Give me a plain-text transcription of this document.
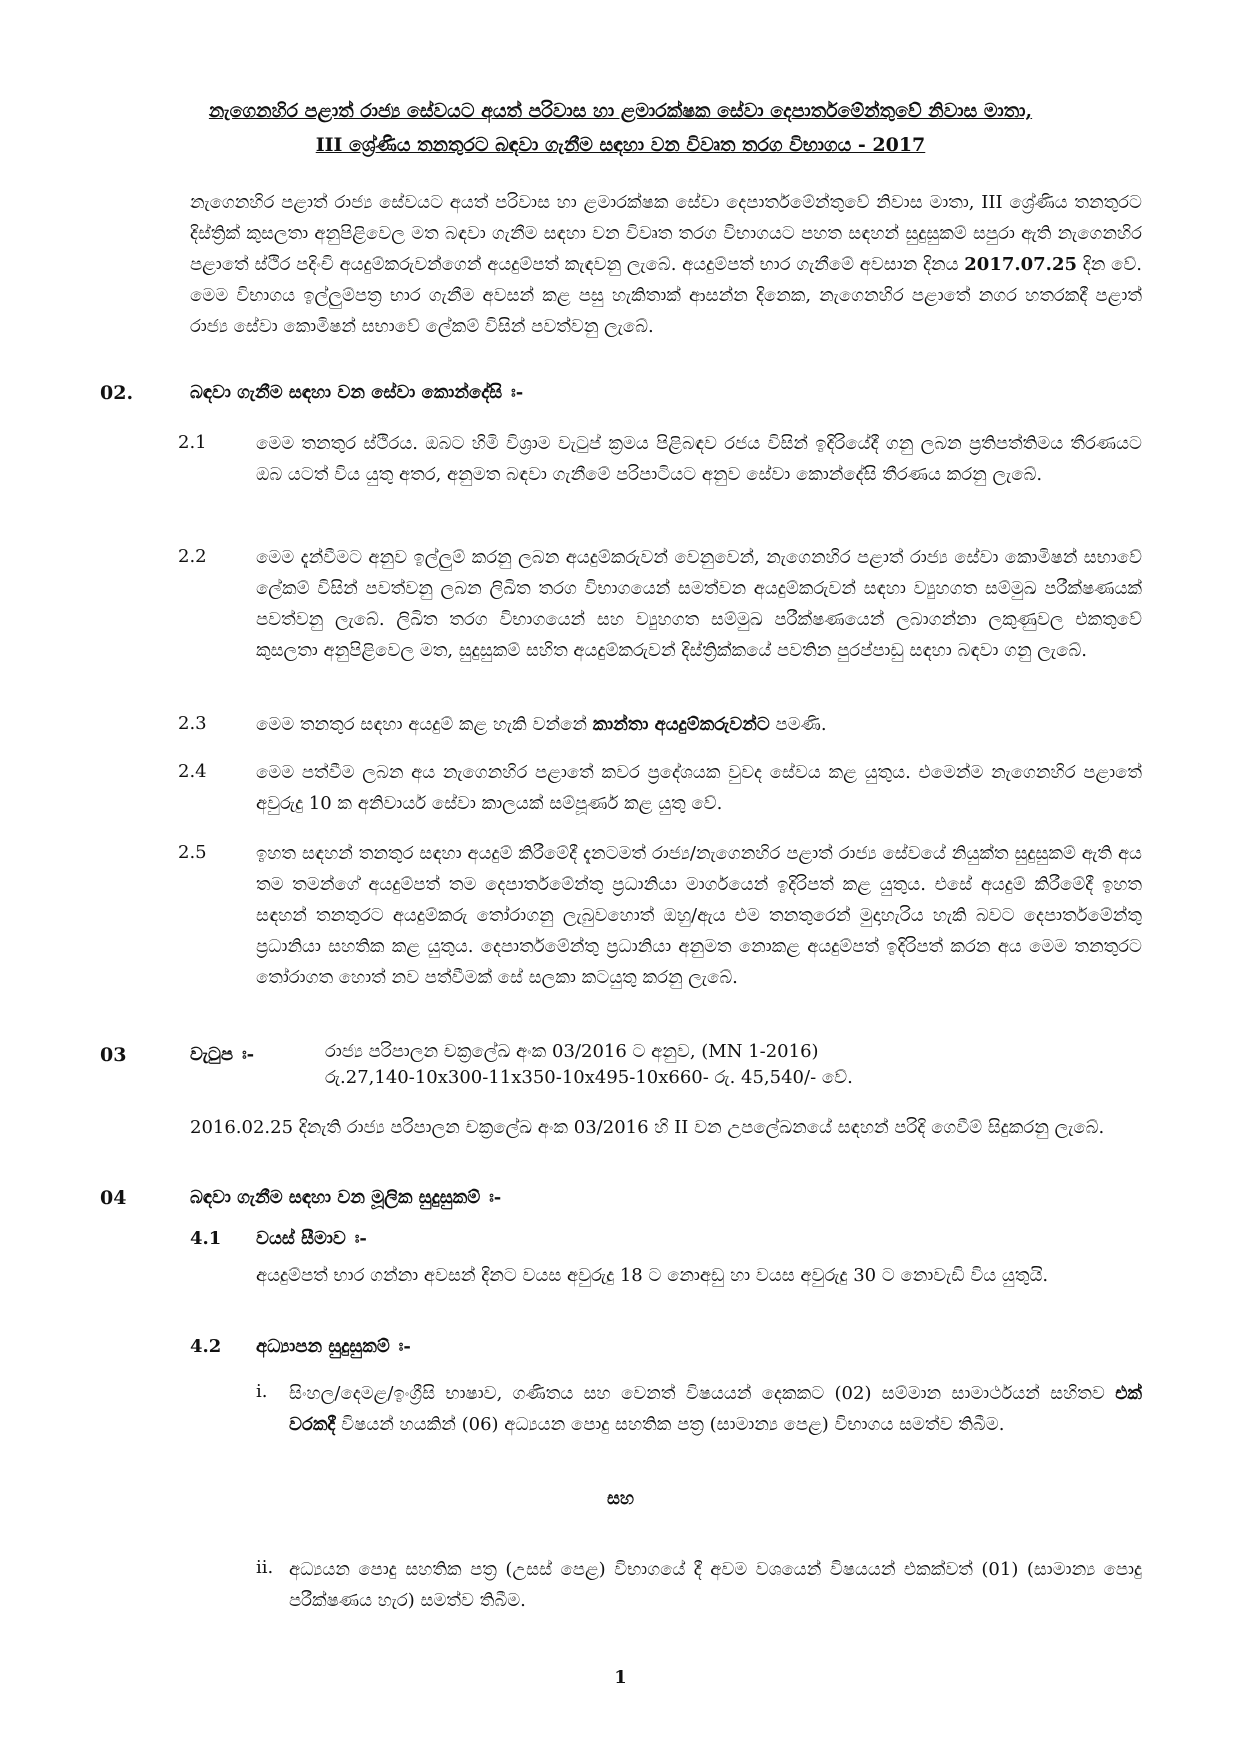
නැගෙනහිර පළාත් රාජ්‍ය සේවයට අයත් පරිවාස හා ළමාරක්ෂක සේවා දෙපාර්තමේන්තුවේ නිවාස මාතා,
III ශ්‍රේණිය තනතුරට බඳවා ගැනීම සඳහා වන විවෘත තරග විභාගය - 2017
නැගෙනහිර පළාත් රාජ්‍ය සේවයට අයත් පරිවාස හා ළමාරක්ෂක සේවා දෙපාර්තමේන්තුවේ නිවාස මාතා, III ශ්‍රේණිය තනතුරට දිස්ත්‍රික් කුසලතා අනුපිළිවෙල මත බඳවා ගැනීම සඳහා වන විවෘත තරග විභාගයට පහත සඳහන් සුදුසුකම් සපුරා ඇති නැගෙනහිර පළාතේ ස්ථිර පදිංචි අයදුම්කරුවන්ගෙන් අයදුම්පත් කැඳවනු ලැබේ. අයදුම්පත් භාර ගැනීමේ අවසාන දිනය 2017.07.25 දින වේ. මෙම විභාගය ඉල්ලුම්පත්‍ර භාර ගැනීම අවසන් කළ පසු හැකිතාක් ආසන්න දිනෙක, නැගෙනහිර පළාතේ නගර හතරකදී පළාත් රාජ්‍ය සේවා කොමිෂන් සභාවේ ලේකම් විසින් පවත්වනු ලැබේ.
02.	බඳවා ගැනීම සඳහා වන සේවා කොන්දේසි ඃ-
2.1	මෙම තනතුර ස්ථිරය. ඔබට හිමි විශ්‍රාම වැටුප් ක්‍රමය පිළිබඳව රජය විසින් ඉදිරියේදී ගනු ලබන ප්‍රතිපත්තිමය තීරණයට ඔබ යටත් විය යුතු අතර, අනුමත බඳවා ගැනීමේ පරිපාටියට අනුව සේවා කොන්දේසි තීරණය කරනු ලැබේ.
2.2	මෙම දැන්වීමට අනුව ඉල්ලුම් කරනු ලබන අයදුම්කරුවන් වෙනුවෙන්, නැගෙනහිර පළාත් රාජ්‍ය සේවා කොමිෂන් සභාවේ ලේකම් විසින් පවත්වනු ලබන ලිඛිත තරග විභාගයෙන් සමත්වන අයදුම්කරුවන් සඳහා ව්‍යුහගත සම්මුඛ පරීක්ෂණයක් පවත්වනු ලැබේ. ලිඛිත තරග විභාගයෙන් සහ ව්‍යුහගත සම්මුඛ පරීක්ෂණයෙන් ලබාගන්නා ලකුණුවල එකතුවේ කුසලතා අනුපිළිවෙල මත, සුදුසුකම් සහිත අයදුම්කරුවන් දිස්ත්‍රික්කයේ පවතින පුරප්පාඩු සඳහා බඳවා ගනු ලැබේ.
2.3	මෙම තනතුර සඳහා අයදුම් කළ හැකි වන්නේ කාන්තා අයදුම්කරුවන්ට පමණි.
2.4	මෙම පත්වීම ලබන අය නැගෙනහිර පළාතේ කවර ප්‍රදේශයක වුවද සේවය කළ යුතුය. එමෙන්ම නැගෙනහිර පළාතේ අවුරුදු 10 ක අනිවාර්ය සේවා කාලයක් සම්පූර්ණ කළ යුතු වේ.
2.5	ඉහත සඳහන් තනතුර සඳහා අයදුම් කිරීමේදී දැනටමත් රාජ්‍ය/නැගෙනහිර පළාත් රාජ්‍ය සේවයේ නියුක්ත සුදුසුකම් ඇති අය තම තමන්ගේ අයදුම්පත් තම දෙපාර්තමේන්තු ප්‍රධානියා මාර්ගයෙන් ඉදිරිපත් කළ යුතුය. එසේ අයදුම් කිරීමේදී ඉහත සඳහන් තනතුරට අයදුම්කරු තෝරාගනු ලැබුවහොත් ඔහු/ඇය එම තනතුරෙන් මුදාහැරිය හැකි බවට දෙපාර්තමේන්තු ප්‍රධානියා සහතික කළ යුතුය. දෙපාර්තමේන්තු ප්‍රධානියා අනුමත නොකළ අයදුම්පත් ඉදිරිපත් කරන අය මෙම තනතුරට තෝරාගත හොත් නව පත්වීමක් සේ සලකා කටයුතු කරනු ලැබේ.
03	වැටුප ඃ-	රාජ්‍ය පරිපාලන චක්‍රලේඛ අංක 03/2016 ට අනුව, (MN 1-2016)
රු.27,140-10x300-11x350-10x495-10x660- රු. 45,540/- වේ.
2016.02.25 දිනැති රාජ්‍ය පරිපාලන චක්‍රලේඛ අංක 03/2016 හි II වන උපලේඛනයේ සඳහන් පරිදි ගෙවීම් සිදුකරනු ලැබේ.
04	බඳවා ගැනීම සඳහා වන මූලික සුදුසුකම් ඃ-
4.1 වයස් සීමාව ඃ-
අයදුම්පත් භාර ගන්නා අවසන් දිනට වයස අවුරුදු 18 ට නොඅඩු හා වයස අවුරුදු 30 ට නොවැඩි විය යුතුයි.
4.2 අධ්‍යාපන සුදුසුකම් ඃ-
i. සිංහල/දෙමළ/ඉංග්‍රීසි භාෂාව, ගණිතය සහ වෙනත් විෂයයන් දෙකකට (02) සම්මාන සාමාර්ථයන් සහිතව එක් වරකදී විෂයන් හයකින් (06) අධ්‍යයන පොදු සහතික පත්‍ර (සාමාන්‍ය පෙළ) විභාගය සමත්ව තිබීම.
සහ
ii. අධ්‍යයන පොදු සහතික පත්‍ර (උසස් පෙළ) විභාගයේ දී අවම වශයෙන් විෂයයන් එකක්වත් (01) (සාමාන්‍ය පොදු පරීක්ෂණය හැර) සමත්ව තිබීම.
1
